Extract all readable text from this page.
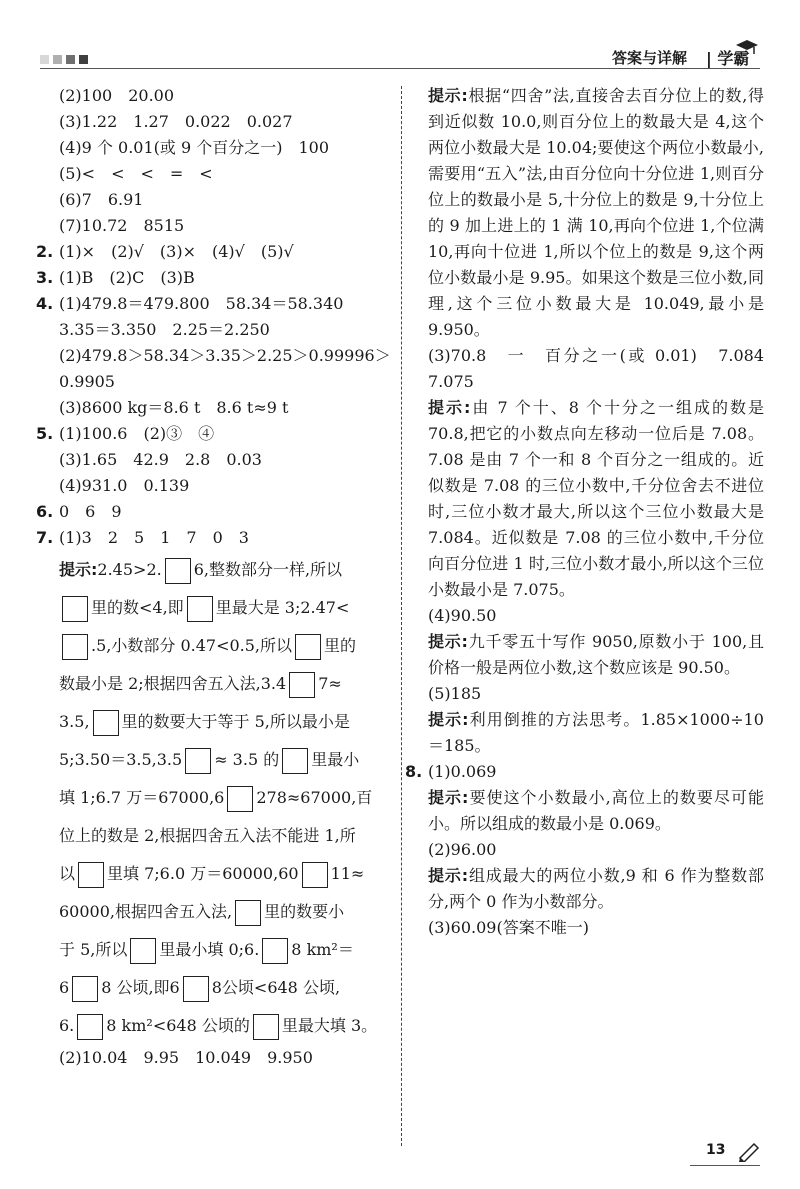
答案与详解 | 学霸
(2)100　20.00
(3)1.22　1.27　0.022　0.027
(4)9 个 0.01(或 9 个百分之一)　100
(5)<　<　<　=　<
(6)7　6.91
(7)10.72　8515
2. (1)×　(2)√　(3)×　(4)√　(5)√
3. (1)B　(2)C　(3)B
4. (1)479.8＝479.800　58.34＝58.340
3.35＝3.350　2.25＝2.250
(2)479.8＞58.34＞3.35＞2.25＞0.99996＞
0.9905
(3)8600 kg＝8.6 t　8.6 t≈9 t
5. (1)100.6　(2)③　④
(3)1.65　42.9　2.8　0.03
(4)931.0　0.139
6. 0　6　9
7. (1)3　2　5　1　7　0　3
提示:2.45>2. 6,整数部分一样,所以
里的数<4,即 里最大是 3;2.47<
.5,小数部分 0.47<0.5,所以 里的
数最小是 2;根据四舍五入法,3.4 7≈
3.5, 里的数要大于等于 5,所以最小是
5;3.50＝3.5,3.5 ≈ 3.5 的 里最小
填 1;6.7 万＝67000,6 278≈67000,百
位上的数是 2,根据四舍五入法不能进 1,所
以 里填 7;6.0 万＝60000,60 11≈
60000,根据四舍五入法, 里的数要小
于 5,所以 里最小填 0;6. 8 km²＝
6 8 公顷,即6 8公顷<648 公顷,
6. 8 km²<648 公顷的 里最大填 3。
(2)10.04　9.95　10.049　9.950
提示:根据“四舍”法,直接舍去百分位上的数,得到近似数 10.0,则百分位上的数最大是 4,这个两位小数最大是 10.04;要使这个两位小数最小,需要用“五入”法,由百分位向十分位进 1,则百分位上的数最小是 5,十分位上的数是 9,十分位上的 9 加上进上的 1 满 10,再向个位进 1,个位满 10,再向十位进 1,所以个位上的数是 9,这个两位小数最小是 9.95。如果这个数是三位小数,同理,这个三位小数最大是 10.049,最小是 9.950。
(3)70.8　一　百分之一(或 0.01)　7.084　7.075
提示:由 7 个十、8 个十分之一组成的数是 70.8,把它的小数点向左移动一位后是 7.08。7.08 是由 7 个一和 8 个百分之一组成的。近似数是 7.08 的三位小数中,千分位舍去不进位时,三位小数才最大,所以这个三位小数最大是 7.084。近似数是 7.08 的三位小数中,千分位向百分位进 1 时,三位小数才最小,所以这个三位小数最小是 7.075。
(4)90.50
提示:九千零五十写作 9050,原数小于 100,且价格一般是两位小数,这个数应该是 90.50。
(5)185
提示:利用倒推的方法思考。1.85×1000÷10＝185。
8. (1)0.069
提示:要使这个小数最小,高位上的数要尽可能小。所以组成的数最小是 0.069。
(2)96.00
提示:组成最大的两位小数,9 和 6 作为整数部分,两个 0 作为小数部分。
(3)60.09(答案不唯一)
13
